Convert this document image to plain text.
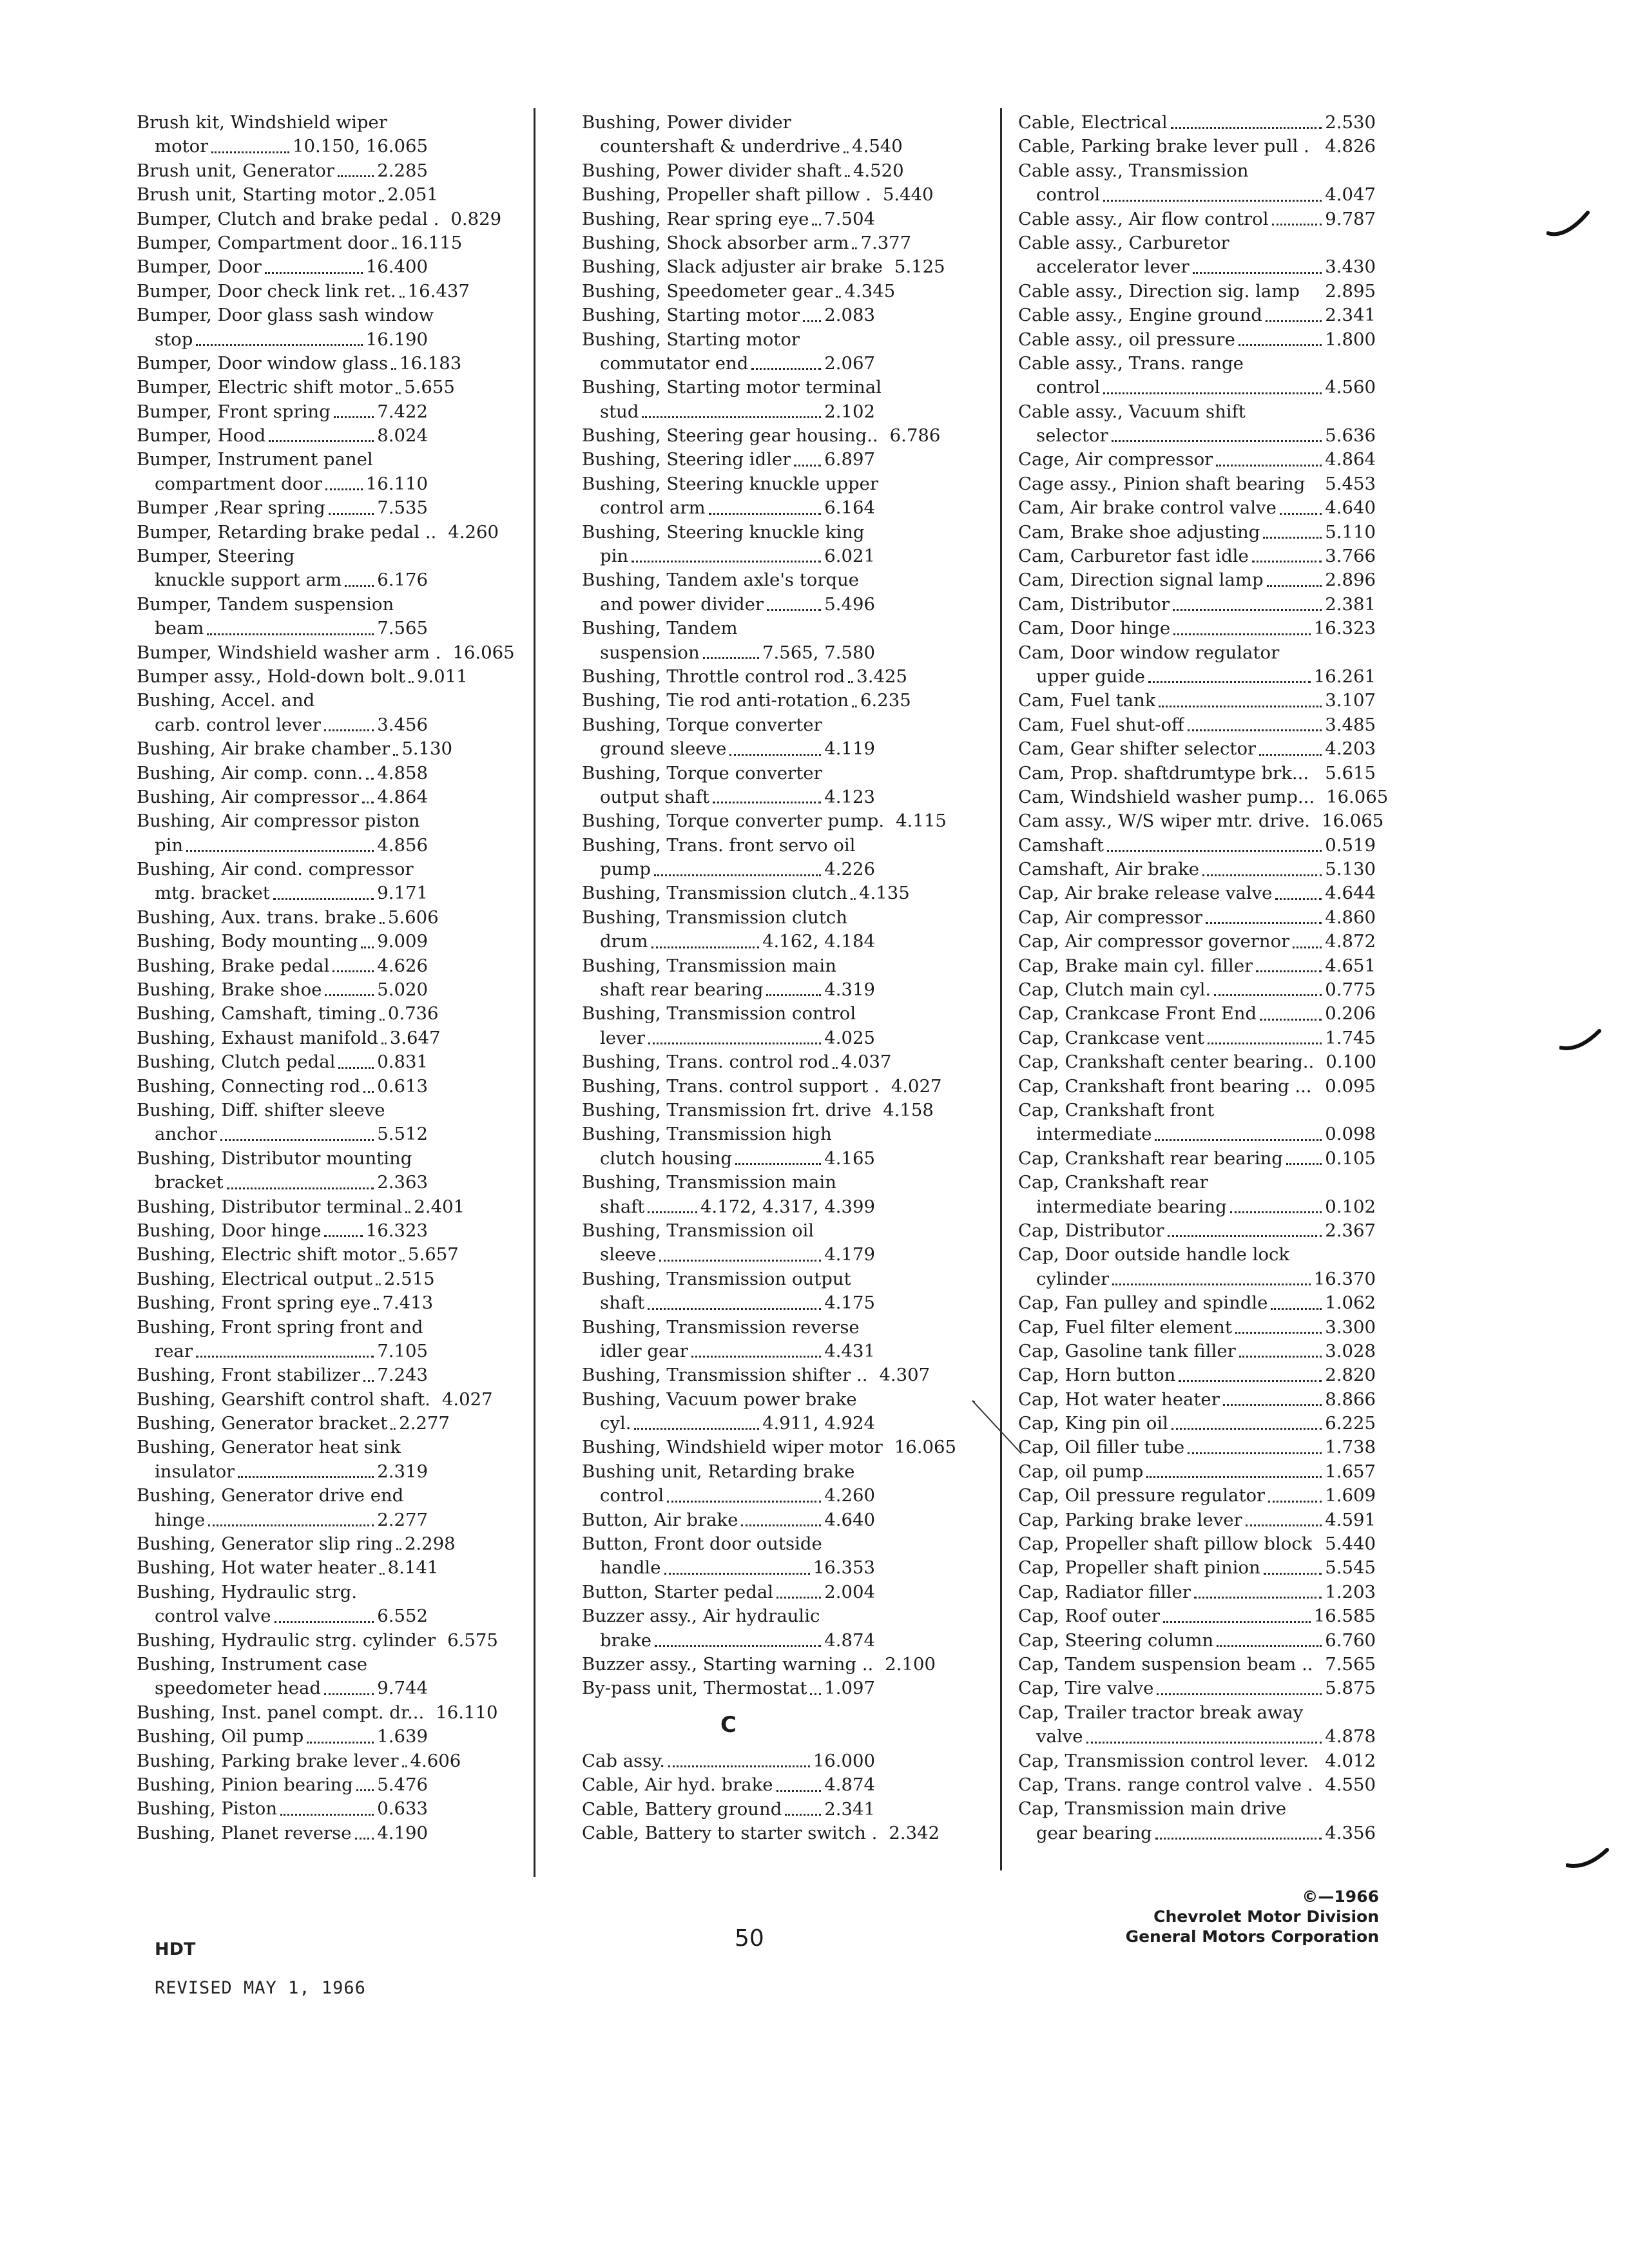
Brush kit, Windshield wiper
motor	10.150, 16.065
Brush unit, Generator 2.285
Brush unit, Starting motor 2.051
Bumper, Clutch and brake pedal . 0.829
Bumper, Compartment door 16.115
Bumper, Door	16.400
Bumper, Door check link ret. 16.437
Bumper, Door glass sash window
stop	16.190
Bumper, Door window glass 16.183
Bumper, Electric shift motor 5.655
Bumper, Front spring	7.422
Bumper, Hood	8.024
Bumper, Instrument panel
compartment door 16.110
Bumper ,Rear spring	7.535
Bumper, Retarding brake pedal .. 4.260
Bumper, Steering
knuckle support arm 6.176
Bumper, Tandem suspension
beam	7.565
Bumper, Windshield washer arm . 16.065
Bumper assy., Hold-down bolt 9.011
Bushing, Accel. and
carb. control lever	3.456
Bushing, Air brake chamber 5.130
Bushing, Air comp. conn. 4.858
Bushing, Air compressor 4.864
Bushing, Air compressor piston
pin	4.856
Bushing, Air cond. compressor
mtg. bracket	9.171
Bushing, Aux. trans. brake 5.606
Bushing, Body mounting 9.009
Bushing, Brake pedal	4.626
Bushing, Brake shoe	5.020
Bushing, Camshaft, timing 0.736
Bushing, Exhaust manifold 3.647
Bushing, Clutch pedal 0.831
Bushing, Connecting rod 0.613
Bushing, Diff. shifter sleeve
anchor	5.512
Bushing, Distributor mounting
bracket	2.363
Bushing, Distributor terminal 2.401
Bushing, Door hinge	16.323
Bushing, Electric shift motor 5.657
Bushing, Electrical output 2.515
Bushing, Front spring eye 7.413
Bushing, Front spring front and
rear	7.105
Bushing, Front stabilizer 7.243
Bushing, Gearshift control shaft. 4.027
Bushing, Generator bracket 2.277
Bushing, Generator heat sink
insulator	2.319
Bushing, Generator drive end
hinge	2.277
Bushing, Generator slip ring 2.298
Bushing, Hot water heater 8.141
Bushing, Hydraulic strg.
control valve	6.552
Bushing, Hydraulic strg. cylinder 6.575
Bushing, Instrument case
speedometer head	9.744
Bushing, Inst. panel compt. dr... 16.110
Bushing, Oil pump	1.639
Bushing, Parking brake lever 4.606
Bushing, Pinion bearing 5.476
Bushing, Piston	0.633
Bushing, Planet reverse 4.190
Bushing, Power divider
countershaft & underdrive 4.540
Bushing, Power divider shaft 4.520
Bushing, Propeller shaft pillow . 5.440
Bushing, Rear spring eye 7.504
Bushing, Shock absorber arm 7.377
Bushing, Slack adjuster air brake 5.125
Bushing, Speedometer gear 4.345
Bushing, Starting motor 2.083
Bushing, Starting motor
commutator end	2.067
Bushing, Starting motor terminal
stud	2.102
Bushing, Steering gear housing.. 6.786
Bushing, Steering idler 6.897
Bushing, Steering knuckle upper
control arm	6.164
Bushing, Steering knuckle king
pin	6.021
Bushing, Tandem axle's torque
and power divider	5.496
Bushing, Tandem
suspension	7.565, 7.580
Bushing, Throttle control rod 3.425
Bushing, Tie rod anti-rotation 6.235
Bushing, Torque converter
ground sleeve	4.119
Bushing, Torque converter
output shaft	4.123
Bushing, Torque converter pump. 4.115
Bushing, Trans. front servo oil
pump	4.226
Bushing, Transmission clutch 4.135
Bushing, Transmission clutch
drum	4.162, 4.184
Bushing, Transmission main
shaft rear bearing	4.319
Bushing, Transmission control
lever	4.025
Bushing, Trans. control rod 4.037
Bushing, Trans. control support . 4.027
Bushing, Transmission frt. drive 4.158
Bushing, Transmission high
clutch housing	4.165
Bushing, Transmission main
shaft	4.172, 4.317, 4.399
Bushing, Transmission oil
sleeve	4.179
Bushing, Transmission output
shaft	4.175
Bushing, Transmission reverse
idler gear	4.431
Bushing, Transmission shifter .. 4.307
Bushing, Vacuum power brake
cyl.	4.911, 4.924
Bushing, Windshield wiper motor 16.065
Bushing unit, Retarding brake
control	4.260
Button, Air brake	4.640
Button, Front door outside
handle	16.353
Button, Starter pedal	2.004
Buzzer assy., Air hydraulic
brake	4.874
Buzzer assy., Starting warning .. 2.100
By-pass unit, Thermostat 1.097
C
Cab assy.	16.000
Cable, Air hyd. brake	4.874
Cable, Battery ground 2.341
Cable, Battery to starter switch . 2.342
Cable, Electrical	2.530
Cable, Parking brake lever pull . 4.826
Cable assy., Transmission
control	4.047
Cable assy., Air flow control	9.787
Cable assy., Carburetor
accelerator lever	3.430
Cable assy., Direction sig. lamp 2.895
Cable assy., Engine ground	2.341
Cable assy., oil pressure	1.800
Cable assy., Trans. range
control	4.560
Cable assy., Vacuum shift
selector	5.636
Cage, Air compressor	4.864
Cage assy., Pinion shaft bearing 5.453
Cam, Air brake control valve	4.640
Cam, Brake shoe adjusting	5.110
Cam, Carburetor fast idle	3.766
Cam, Direction signal lamp	2.896
Cam, Distributor	2.381
Cam, Door hinge	16.323
Cam, Door window regulator
upper guide	16.261
Cam, Fuel tank	3.107
Cam, Fuel shut-off	3.485
Cam, Gear shifter selector	4.203
Cam, Prop. shaftdrumtype brk... 5.615
Cam, Windshield washer pump... 16.065
Cam assy., W/S wiper mtr. drive. 16.065
Camshaft	0.519
Camshaft, Air brake	5.130
Cap, Air brake release valve	4.644
Cap, Air compressor	4.860
Cap, Air compressor governor 4.872
Cap, Brake main cyl. filler	4.651
Cap, Clutch main cyl.	0.775
Cap, Crankcase Front End	0.206
Cap, Crankcase vent	1.745
Cap, Crankshaft center bearing.. 0.100
Cap, Crankshaft front bearing ... 0.095
Cap, Crankshaft front
intermediate	0.098
Cap, Crankshaft rear bearing 0.105
Cap, Crankshaft rear
intermediate bearing	0.102
Cap, Distributor	2.367
Cap, Door outside handle lock
cylinder	16.370
Cap, Fan pulley and spindle	1.062
Cap, Fuel filter element	3.300
Cap, Gasoline tank filler	3.028
Cap, Horn button	2.820
Cap, Hot water heater	8.866
Cap, King pin oil	6.225
Cap, Oil filler tube	1.738
Cap, oil pump	1.657
Cap, Oil pressure regulator	1.609
Cap, Parking brake lever	4.591
Cap, Propeller shaft pillow block 5.440
Cap, Propeller shaft pinion	5.545
Cap, Radiator filler	1.203
Cap, Roof outer	16.585
Cap, Steering column	6.760
Cap, Tandem suspension beam .. 7.565
Cap, Tire valve	5.875
Cap, Trailer tractor break away
valve	4.878
Cap, Transmission control lever. 4.012
Cap, Trans. range control valve . 4.550
Cap, Transmission main drive
gear bearing	4.356
HDT
REVISED MAY 1, 1966
50
©—1966
Chevrolet Motor Division
General Motors Corporation
